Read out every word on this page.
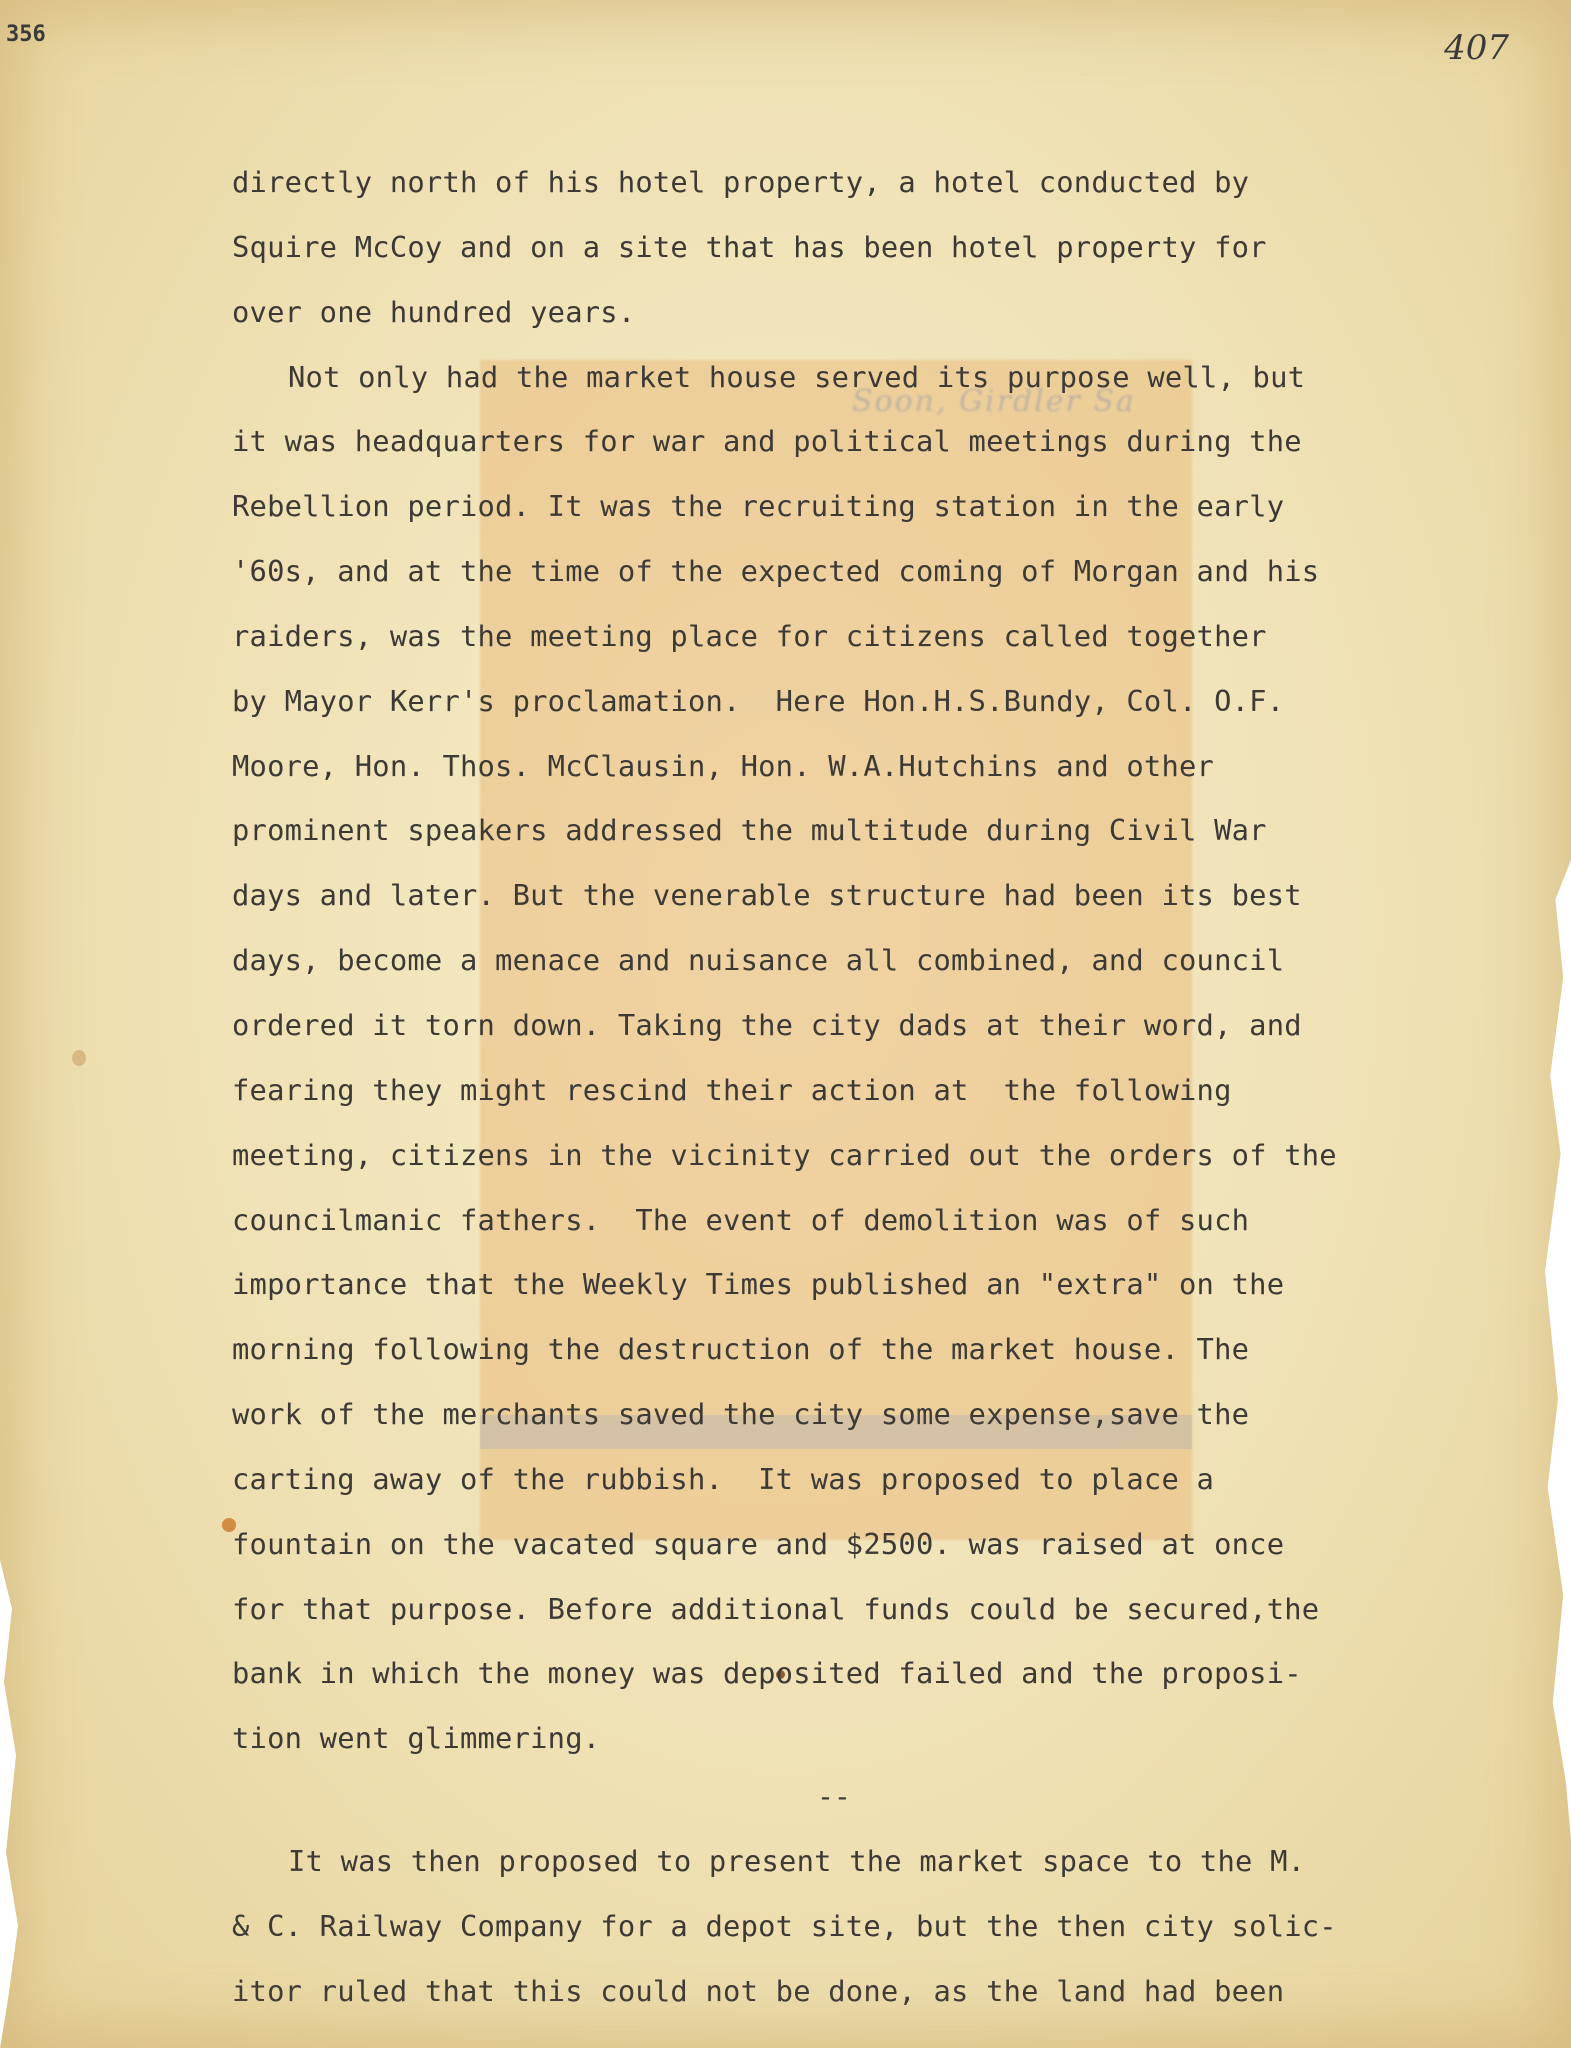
356	407
Soon, Girdler Sa
directly north of his hotel property, a hotel conducted by
Squire McCoy and on a site that has been hotel property for
over one hundred years.
Not only had the market house served its purpose well, but
it was headquarters for war and political meetings during the
Rebellion period. It was the recruiting station in the early
'60s, and at the time of the expected coming of Morgan and his
raiders, was the meeting place for citizens called together
by Mayor Kerr's proclamation.  Here Hon.H.S.Bundy, Col. O.F.
Moore, Hon. Thos. McClausin, Hon. W.A.Hutchins and other
prominent speakers addressed the multitude during Civil War
days and later. But the venerable structure had been its best
days, become a menace and nuisance all combined, and council
ordered it torn down. Taking the city dads at their word, and
fearing they might rescind their action at  the following
meeting, citizens in the vicinity carried out the orders of the
councilmanic fathers.  The event of demolition was of such
importance that the Weekly Times published an "extra" on the
morning following the destruction of the market house. The
work of the merchants saved the city some expense,save the
carting away of the rubbish.  It was proposed to place a
fountain on the vacated square and $2500. was raised at once
for that purpose. Before additional funds could be secured,the
bank in which the money was deposited failed and the proposi-
tion went glimmering.
--
It was then proposed to present the market space to the M.
& C. Railway Company for a depot site, but the then city solic-
itor ruled that this could not be done, as the land had been
